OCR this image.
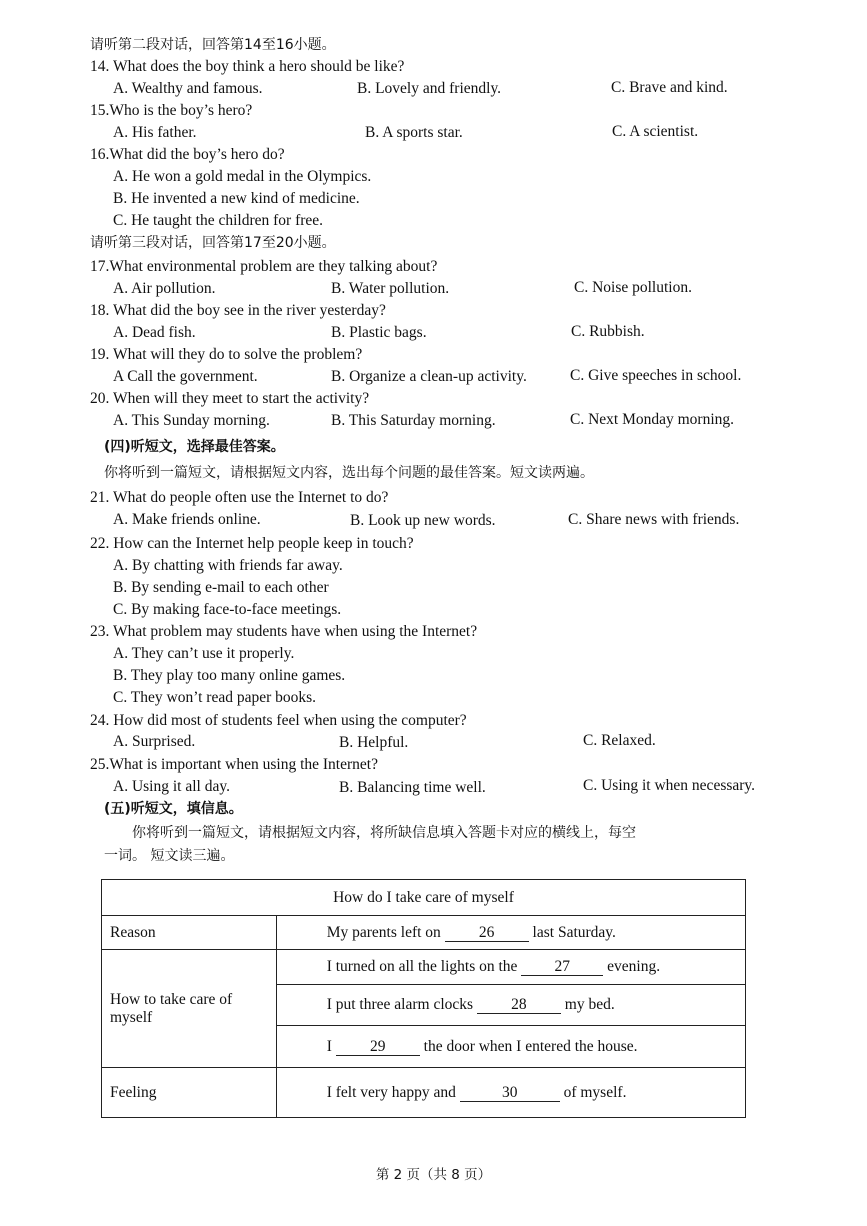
请听第二段对话，回答第14至16小题。
14. What does the boy think a hero should be like?
A. Wealthy and famous.	B. Lovely and friendly.	C. Brave and kind.
15.Who is the boy’s hero?
A. His father.	B. A sports star.	C. A scientist.
16.What did the boy’s hero do?
A. He won a gold medal in the Olympics.
B. He invented a new kind of medicine.
C. He taught the children for free.
请听第三段对话，回答第17至20小题。
17.What environmental problem are they talking about?
A. Air pollution.	B. Water pollution.	C. Noise pollution.
18. What did the boy see in the river yesterday?
A. Dead fish.	B. Plastic bags.	C. Rubbish.
19. What will they do to solve the problem?
A Call the government.	B. Organize a clean-up activity.	C. Give speeches in school.
20. When will they meet to start the activity?
A. This Sunday morning.	B. This Saturday morning.	C. Next Monday morning.
(四)听短文，选择最佳答案。
你将听到一篇短文，请根据短文内容，选出每个问题的最佳答案。短文读两遍。
21. What do people often use the Internet to do?
A. Make friends online.	B. Look up new words.	C. Share news with friends.
22. How can the Internet help people keep in touch?
A. By chatting with friends far away.
B. By sending e-mail to each other
C. By making face-to-face meetings.
23. What problem may students have when using the Internet?
A. They can’t use it properly.
B. They play too many online games.
C. They won’t read paper books.
24. How did most of students feel when using the computer?
A. Surprised.	B. Helpful.	C. Relaxed.
25.What is important when using the Internet?
A. Using it all day.	B. Balancing time well.	C. Using it when necessary.
(五)听短文，填信息。
你将听到一篇短文，请根据短文内容，将所缺信息填入答题卡对应的横线上，每空
一词。 短文读三遍。
How do I take care of myself	
Reason	My parents left on 26 last Saturday.
How to take care of myself	I turned on all the lights on the 27 evening.
	I put three alarm clocks 28 my bed.
	I 29 the door when I entered the house.
Feeling	I felt very happy and 30 of myself.
第 2 页（共 8 页）
